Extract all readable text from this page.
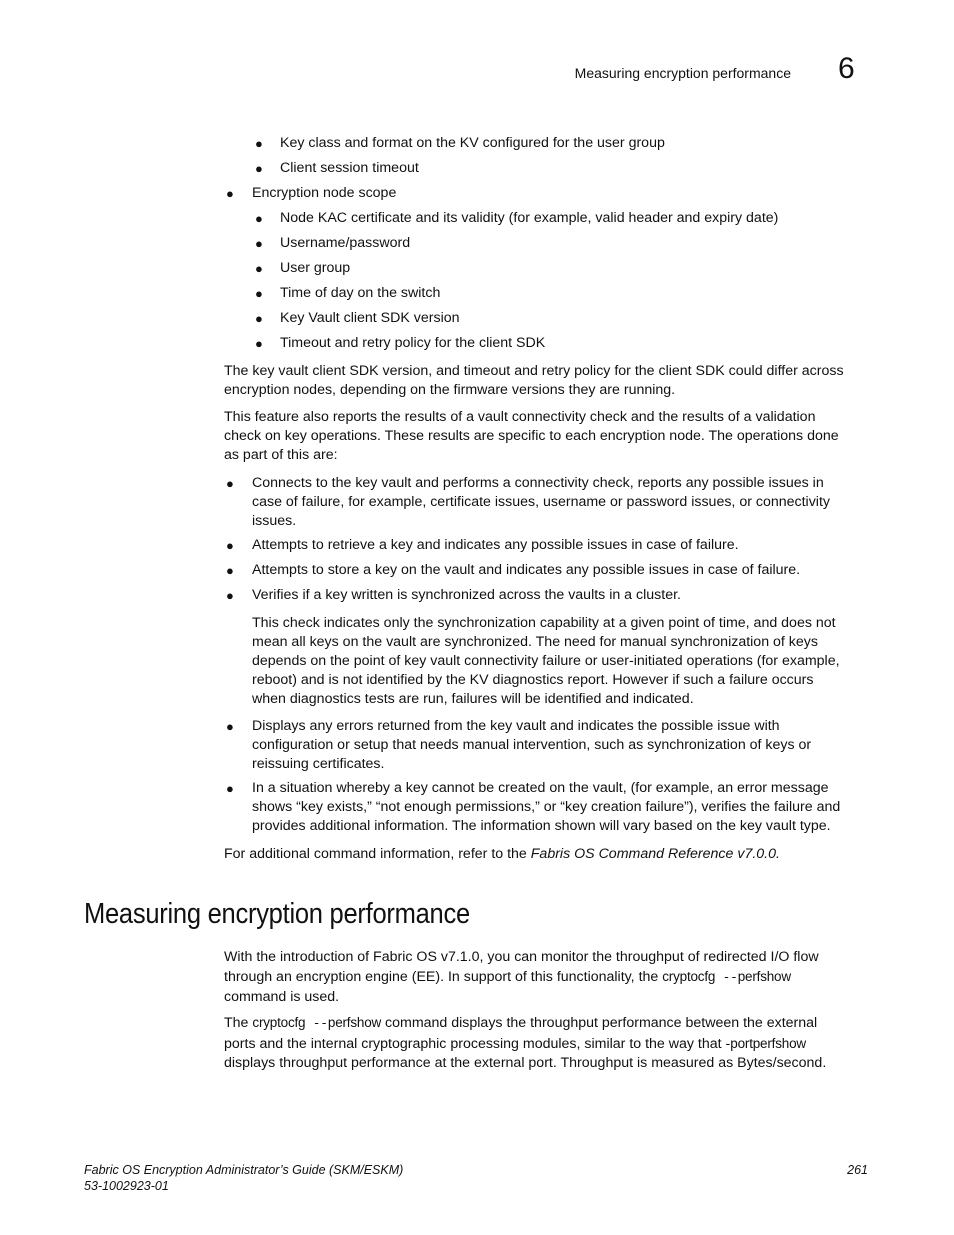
Measuring encryption performance 6
● Key class and format on the KV configured for the user group
● Client session timeout
● Encryption node scope
● Node KAC certificate and its validity (for example, valid header and expiry date)
● Username/password
● User group
● Time of day on the switch
● Key Vault client SDK version
● Timeout and retry policy for the client SDK

The key vault client SDK version, and timeout and retry policy for the client SDK could differ across

encryption nodes, depending on the firmware versions they are running.

This feature also reports the results of a vault connectivity check and the results of a validation

check on key operations. These results are specific to each encryption node. The operations done

as part of this are:

● Connects to the key vault and performs a connectivity check, reports any possible issues in

case of failure, for example, certificate issues, username or password issues, or connectivity

issues.

● Attempts to retrieve a key and indicates any possible issues in case of failure.
● Attempts to store a key on the vault and indicates any possible issues in case of failure.
● Verifies if a key written is synchronized across the vaults in a cluster.

This check indicates only the synchronization capability at a given point of time, and does not

mean all keys on the vault are synchronized. The need for manual synchronization of keys

depends on the point of key vault connectivity failure or user-initiated operations (for example,

reboot) and is not identified by the KV diagnostics report. However if such a failure occurs

when diagnostics tests are run, failures will be identified and indicated.

● Displays any errors returned from the key vault and indicates the possible issue with

configuration or setup that needs manual intervention, such as synchronization of keys or

reissuing certificates.

● In a situation whereby a key cannot be created on the vault, (for example, an error message

shows “key exists,” “not enough permissions,” or “key creation failure”), verifies the failure and

provides additional information. The information shown will vary based on the key vault type.

For additional command information, refer to the Fabris OS Command Reference v7.0.0.

Measuring encryption performance

With the introduction of Fabric OS v7.1.0, you can monitor the throughput of redirected I/O flow

through an encryption engine (EE). In support of this functionality, the cryptocfg --perfshow

command is used.

The cryptocfg --perfshow command displays the throughput performance between the external

ports and the internal cryptographic processing modules, similar to the way that -portperfshow

displays throughput performance at the external port. Throughput is measured as Bytes/second.

Fabric OS Encryption Administrator’s Guide (SKM/ESKM)
53-1002923-01
261
